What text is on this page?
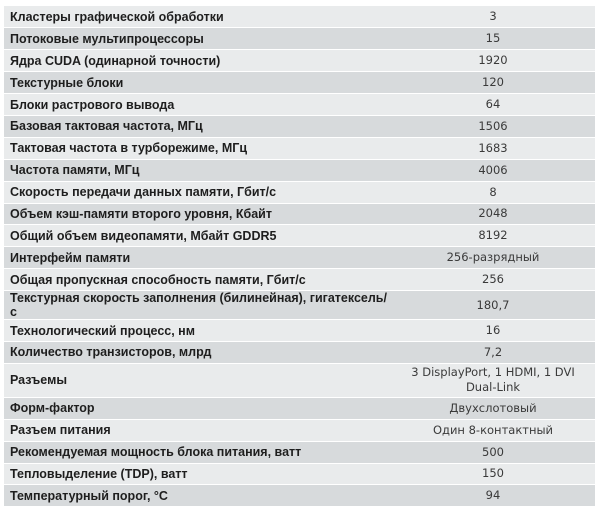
Кластеры графической обработки	3
Потоковые мультипроцессоры	15
Ядра CUDA (одинарной точности)	1920
Текстурные блоки	120
Блоки растрового вывода	64
Базовая тактовая частота, МГц	1506
Тактовая частота в турборежиме, МГц	1683
Частота памяти, МГц	4006
Скорость передачи данных памяти, Гбит/с	8
Объем кэш-памяти второго уровня, Кбайт	2048
Общий объем видеопамяти, Мбайт GDDR5	8192
Интерфейм памяти	256-разрядный
Общая пропускная способность памяти, Гбит/с	256
Текстурная скорость заполнения (билинейная), гигатексель/с	180,7
Технологический процесс, нм	16
Количество транзисторов, млрд	7,2
Разъемы	3 DisplayPort, 1 HDMI, 1 DVI Dual-Link
Форм-фактор	Двухслотовый
Разъем питания	Один 8-контактный
Рекомендуемая мощность блока питания, ватт	500
Тепловыделение (TDP), ватт	150
Температурный порог, °C	94
